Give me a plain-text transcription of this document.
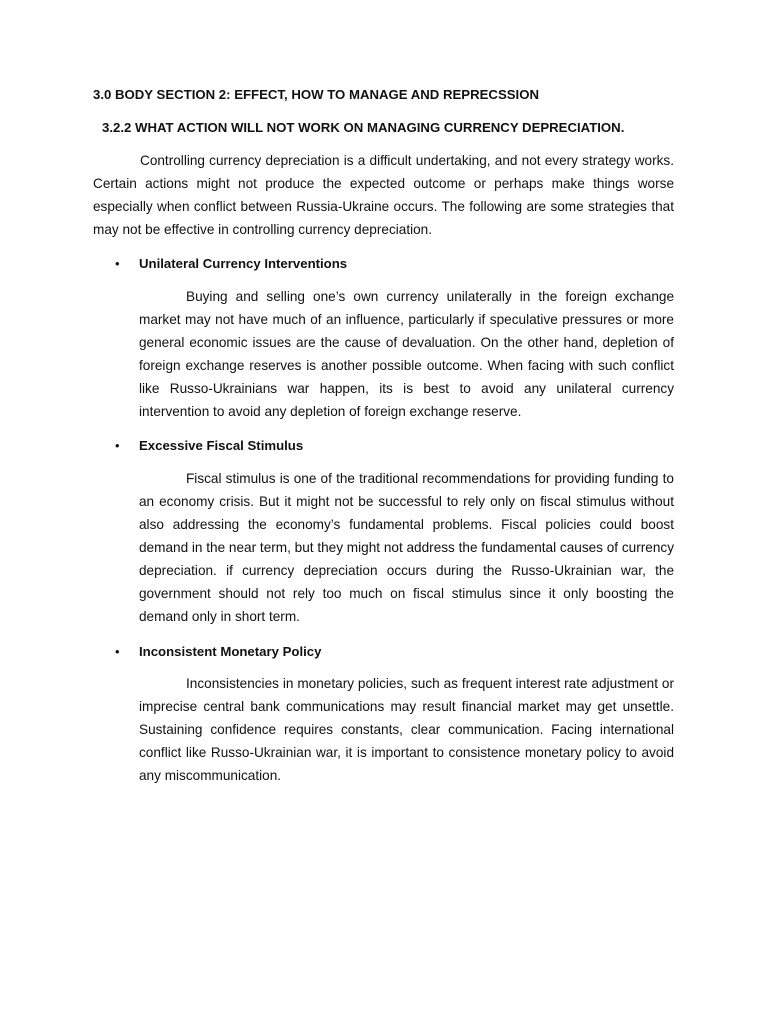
3.0 BODY SECTION 2: EFFECT, HOW TO MANAGE AND REPRECSSION
3.2.2 WHAT ACTION WILL NOT WORK ON MANAGING CURRENCY DEPRECIATION.

Controlling currency depreciation is a difficult undertaking, and not every strategy works. Certain actions might not produce the expected outcome or perhaps make things worse especially when conflict between Russia-Ukraine occurs. The following are some strategies that may not be effective in controlling currency depreciation.

• Unilateral Currency Interventions

Buying and selling one’s own currency unilaterally in the foreign exchange market may not have much of an influence, particularly if speculative pressures or more general economic issues are the cause of devaluation. On the other hand, depletion of foreign exchange reserves is another possible outcome. When facing with such conflict like Russo-Ukrainians war happen, its is best to avoid any unilateral currency intervention to avoid any depletion of foreign exchange reserve.

• Excessive Fiscal Stimulus

Fiscal stimulus is one of the traditional recommendations for providing funding to an economy crisis. But it might not be successful to rely only on fiscal stimulus without also addressing the economy’s fundamental problems. Fiscal policies could boost demand in the near term, but they might not address the fundamental causes of currency depreciation. if currency depreciation occurs during the Russo-Ukrainian war, the government should not rely too much on fiscal stimulus since it only boosting the demand only in short term.

• Inconsistent Monetary Policy

Inconsistencies in monetary policies, such as frequent interest rate adjustment or imprecise central bank communications may result financial market may get unsettle. Sustaining confidence requires constants, clear communication. Facing international conflict like Russo-Ukrainian war, it is important to consistence monetary policy to avoid any miscommunication.
